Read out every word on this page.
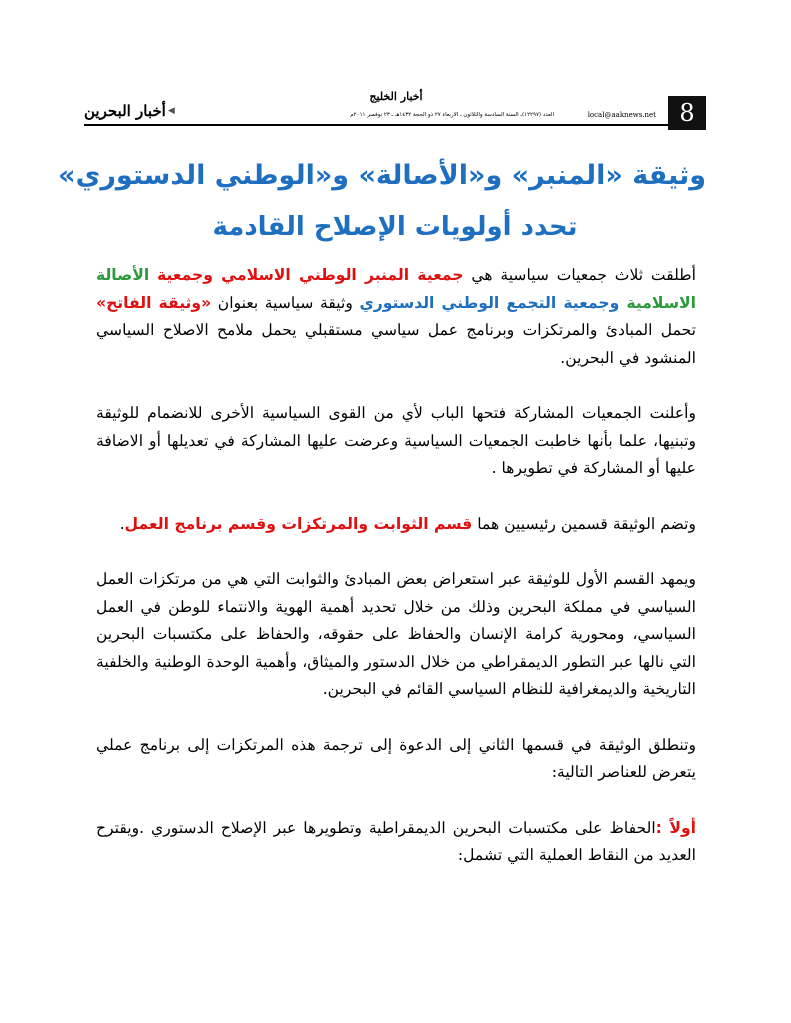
◀
أخبار البحرين
أخبار الخليج
العدد (١٢٢٩٧)ـ السنة السادسة والثلاثون ـ الأربعاء ٢٧ ذو الحجة ١٤٣٢هـ ـ ٢٣ نوفمبر ٢٠١١م	local@aaknews.net 8
وثيقة «المنبر» و«الأصالة» و«الوطني الدستوري»
تحدد أولويات الإصلاح القادمة

أطلقت ثلاث جمعيات سياسية هي جمعية المنبر الوطني الاسلامي وجمعية الأصالة الاسلامية وجمعية التجمع الوطني الدستوري وثيقة سياسية بعنوان «وثيقة الفاتح» تحمل المبادئ والمرتكزات وبرنامج عمل سياسي مستقبلي يحمل ملامح الاصلاح السياسي المنشود في البحرين.

وأعلنت الجمعيات المشاركة فتحها الباب لأي من القوى السياسية الأخرى للانضمام للوثيقة وتبنيها، علما بأنها خاطبت الجمعيات السياسية وعرضت عليها المشاركة في تعديلها أو الاضافة عليها أو المشاركة في تطويرها .

وتضم الوثيقة قسمين رئيسيين هما قسم الثوابت والمرتكزات وقسم برنامج العمل.

ويمهد القسم الأول للوثيقة عبر استعراض بعض المبادئ والثوابت التي هي من مرتكزات العمل السياسي في مملكة البحرين وذلك من خلال تحديد أهمية الهوية والانتماء للوطن في العمل السياسي، ومحورية كرامة الإنسان والحفاظ على حقوقه، والحفاظ على مكتسبات البحرين التي نالها عبر التطور الديمقراطي من خلال الدستور والميثاق، وأهمية الوحدة الوطنية والخلفية التاريخية والديمغرافية للنظام السياسي القائم في البحرين.

وتنطلق الوثيقة في قسمها الثاني إلى الدعوة إلى ترجمة هذه المرتكزات إلى برنامج عملي يتعرض للعناصر التالية:

أولاً :الحفاظ على مكتسبات البحرين الديمقراطية وتطويرها عبر الإصلاح الدستوري .ويقترح العديد من النقاط العملية التي تشمل:
